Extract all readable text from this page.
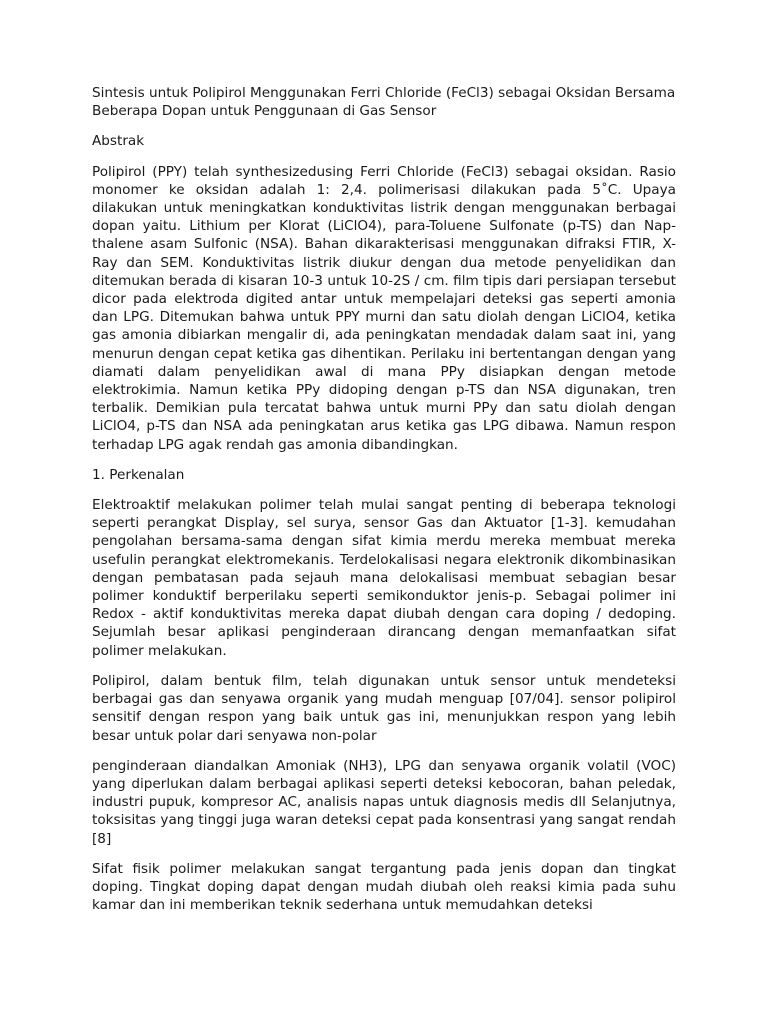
Sintesis untuk Polipirol Menggunakan Ferri Chloride (FeCl3) sebagai Oksidan Bersama Beberapa Dopan untuk Penggunaan di Gas Sensor

Abstrak

Polipirol (PPY) telah synthesizedusing Ferri Chloride (FeCl3) sebagai oksidan. Rasio monomer ke oksidan adalah 1: 2,4. polimerisasi dilakukan pada 5˚C. Upaya dilakukan untuk meningkatkan konduktivitas listrik dengan menggunakan berbagai dopan yaitu. Lithium per Klorat (LiClO4), para-Toluene Sulfonate (p-TS) dan Nap-thalene asam Sulfonic (NSA). Bahan dikarakterisasi menggunakan difraksi FTIR, X-Ray dan SEM. Konduktivitas listrik diukur dengan dua metode penyelidikan dan ditemukan berada di kisaran 10-3 untuk 10-2S / cm. film tipis dari persiapan tersebut dicor pada elektroda digited antar untuk mempelajari deteksi gas seperti amonia dan LPG. Ditemukan bahwa untuk PPY murni dan satu diolah dengan LiClO4, ketika gas amonia dibiarkan mengalir di, ada peningkatan mendadak dalam saat ini, yang menurun dengan cepat ketika gas dihentikan. Perilaku ini bertentangan dengan yang diamati dalam penyelidikan awal di mana PPy disiapkan dengan metode elektrokimia. Namun ketika PPy didoping dengan p-TS dan NSA digunakan, tren terbalik. Demikian pula tercatat bahwa untuk murni PPy dan satu diolah dengan LiClO4, p-TS dan NSA ada peningkatan arus ketika gas LPG dibawa. Namun respon terhadap LPG agak rendah gas amonia dibandingkan.

1. Perkenalan

Elektroaktif melakukan polimer telah mulai sangat penting di beberapa teknologi seperti perangkat Display, sel surya, sensor Gas dan Aktuator [1-3]. kemudahan pengolahan bersama-sama dengan sifat kimia merdu mereka membuat mereka usefulin perangkat elektromekanis. Terdelokalisasi negara elektronik dikombinasikan dengan pembatasan pada sejauh mana delokalisasi membuat sebagian besar polimer konduktif berperilaku seperti semikonduktor jenis-p. Sebagai polimer ini Redox - aktif konduktivitas mereka dapat diubah dengan cara doping / dedoping. Sejumlah besar aplikasi penginderaan dirancang dengan memanfaatkan sifat polimer melakukan.

Polipirol, dalam bentuk film, telah digunakan untuk sensor untuk mendeteksi berbagai gas dan senyawa organik yang mudah menguap [07/04]. sensor polipirol sensitif dengan respon yang baik untuk gas ini, menunjukkan respon yang lebih besar untuk polar dari senyawa non-polar

penginderaan diandalkan Amoniak (NH3), LPG dan senyawa organik volatil (VOC) yang diperlukan dalam berbagai aplikasi seperti deteksi kebocoran, bahan peledak, industri pupuk, kompresor AC, analisis napas untuk diagnosis medis dll Selanjutnya, toksisitas yang tinggi juga waran deteksi cepat pada konsentrasi yang sangat rendah [8]

Sifat fisik polimer melakukan sangat tergantung pada jenis dopan dan tingkat doping. Tingkat doping dapat dengan mudah diubah oleh reaksi kimia pada suhu kamar dan ini memberikan teknik sederhana untuk memudahkan deteksi
